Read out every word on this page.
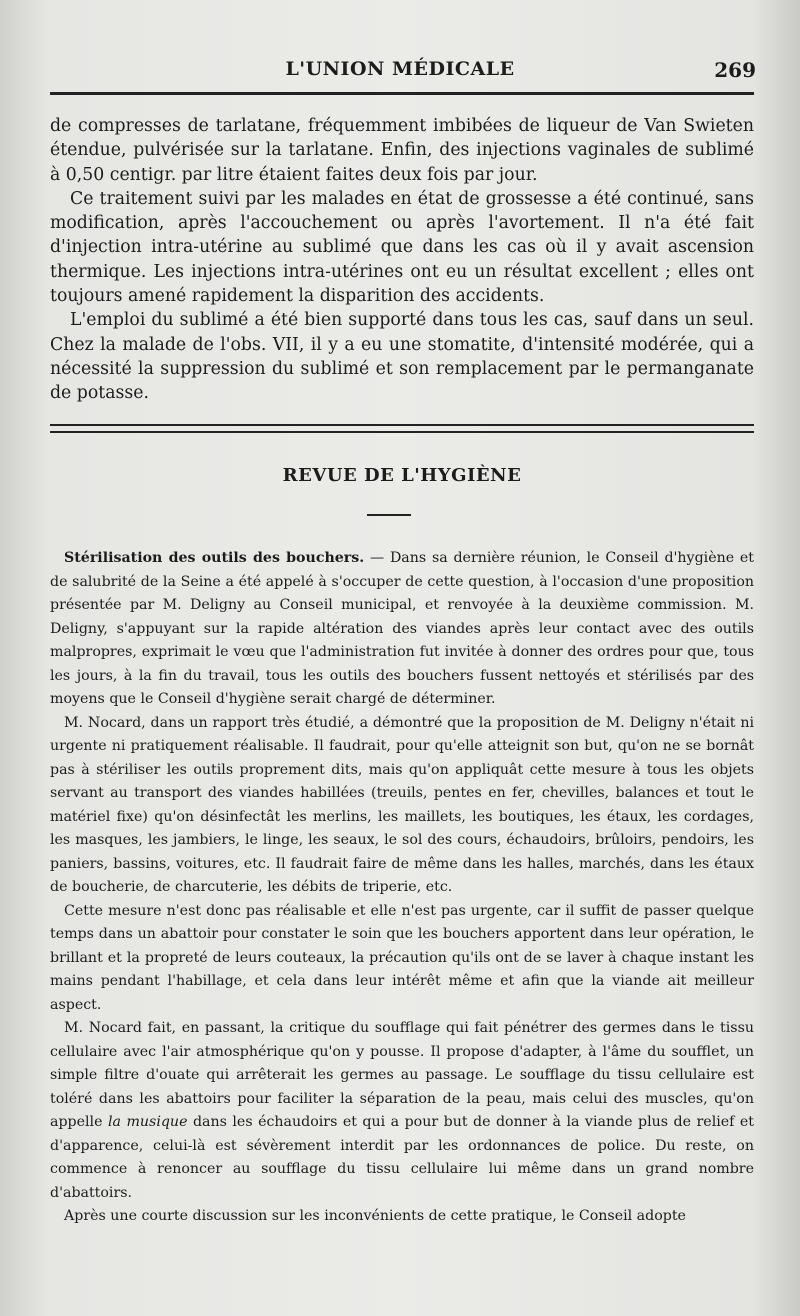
L'UNION MÉDICALE	269

de compresses de tarlatane, fréquemment imbibées de liqueur de Van Swieten étendue, pulvérisée sur la tarlatane. Enfin, des injections vaginales de sublimé à 0,50 centigr. par litre étaient faites deux fois par jour.

Ce traitement suivi par les malades en état de grossesse a été continué, sans modification, après l'accouchement ou après l'avortement. Il n'a été fait d'injection intra-utérine au sublimé que dans les cas où il y avait ascension thermique. Les injections intra-utérines ont eu un résultat excellent ; elles ont toujours amené rapidement la disparition des accidents.

L'emploi du sublimé a été bien supporté dans tous les cas, sauf dans un seul. Chez la malade de l'obs. VII, il y a eu une stomatite, d'intensité modérée, qui a nécessité la suppression du sublimé et son remplacement par le permanganate de potasse.

REVUE DE L'HYGIÈNE

Stérilisation des outils des bouchers. — Dans sa dernière réunion, le Conseil d'hygiène et de salubrité de la Seine a été appelé à s'occuper de cette question, à l'occasion d'une proposition présentée par M. Deligny au Conseil municipal, et renvoyée à la deuxième commission. M. Deligny, s'appuyant sur la rapide altération des viandes après leur contact avec des outils malpropres, exprimait le vœu que l'administration fut invitée à donner des ordres pour que, tous les jours, à la fin du travail, tous les outils des bouchers fussent nettoyés et stérilisés par des moyens que le Conseil d'hygiène serait chargé de déterminer.

M. Nocard, dans un rapport très étudié, a démontré que la proposition de M. Deligny n'était ni urgente ni pratiquement réalisable. Il faudrait, pour qu'elle atteignit son but, qu'on ne se bornât pas à stériliser les outils proprement dits, mais qu'on appliquât cette mesure à tous les objets servant au transport des viandes habillées (treuils, pentes en fer, chevilles, balances et tout le matériel fixe) qu'on désinfectât les merlins, les maillets, les boutiques, les étaux, les cordages, les masques, les jambiers, le linge, les seaux, le sol des cours, échaudoirs, brûloirs, pendoirs, les paniers, bassins, voitures, etc. Il faudrait faire de même dans les halles, marchés, dans les étaux de boucherie, de charcuterie, les débits de triperie, etc.

Cette mesure n'est donc pas réalisable et elle n'est pas urgente, car il suffit de passer quelque temps dans un abattoir pour constater le soin que les bouchers apportent dans leur opération, le brillant et la propreté de leurs couteaux, la précaution qu'ils ont de se laver à chaque instant les mains pendant l'habillage, et cela dans leur intérêt même et afin que la viande ait meilleur aspect.

M. Nocard fait, en passant, la critique du soufflage qui fait pénétrer des germes dans le tissu cellulaire avec l'air atmosphérique qu'on y pousse. Il propose d'adapter, à l'âme du soufflet, un simple filtre d'ouate qui arrêterait les germes au passage. Le soufflage du tissu cellulaire est toléré dans les abattoirs pour faciliter la séparation de la peau, mais celui des muscles, qu'on appelle la musique dans les échaudoirs et qui a pour but de donner à la viande plus de relief et d'apparence, celui-là est sévèrement interdit par les ordonnances de police. Du reste, on commence à renoncer au soufflage du tissu cellulaire lui même dans un grand nombre d'abattoirs.

Après une courte discussion sur les inconvénients de cette pratique, le Conseil adopte
